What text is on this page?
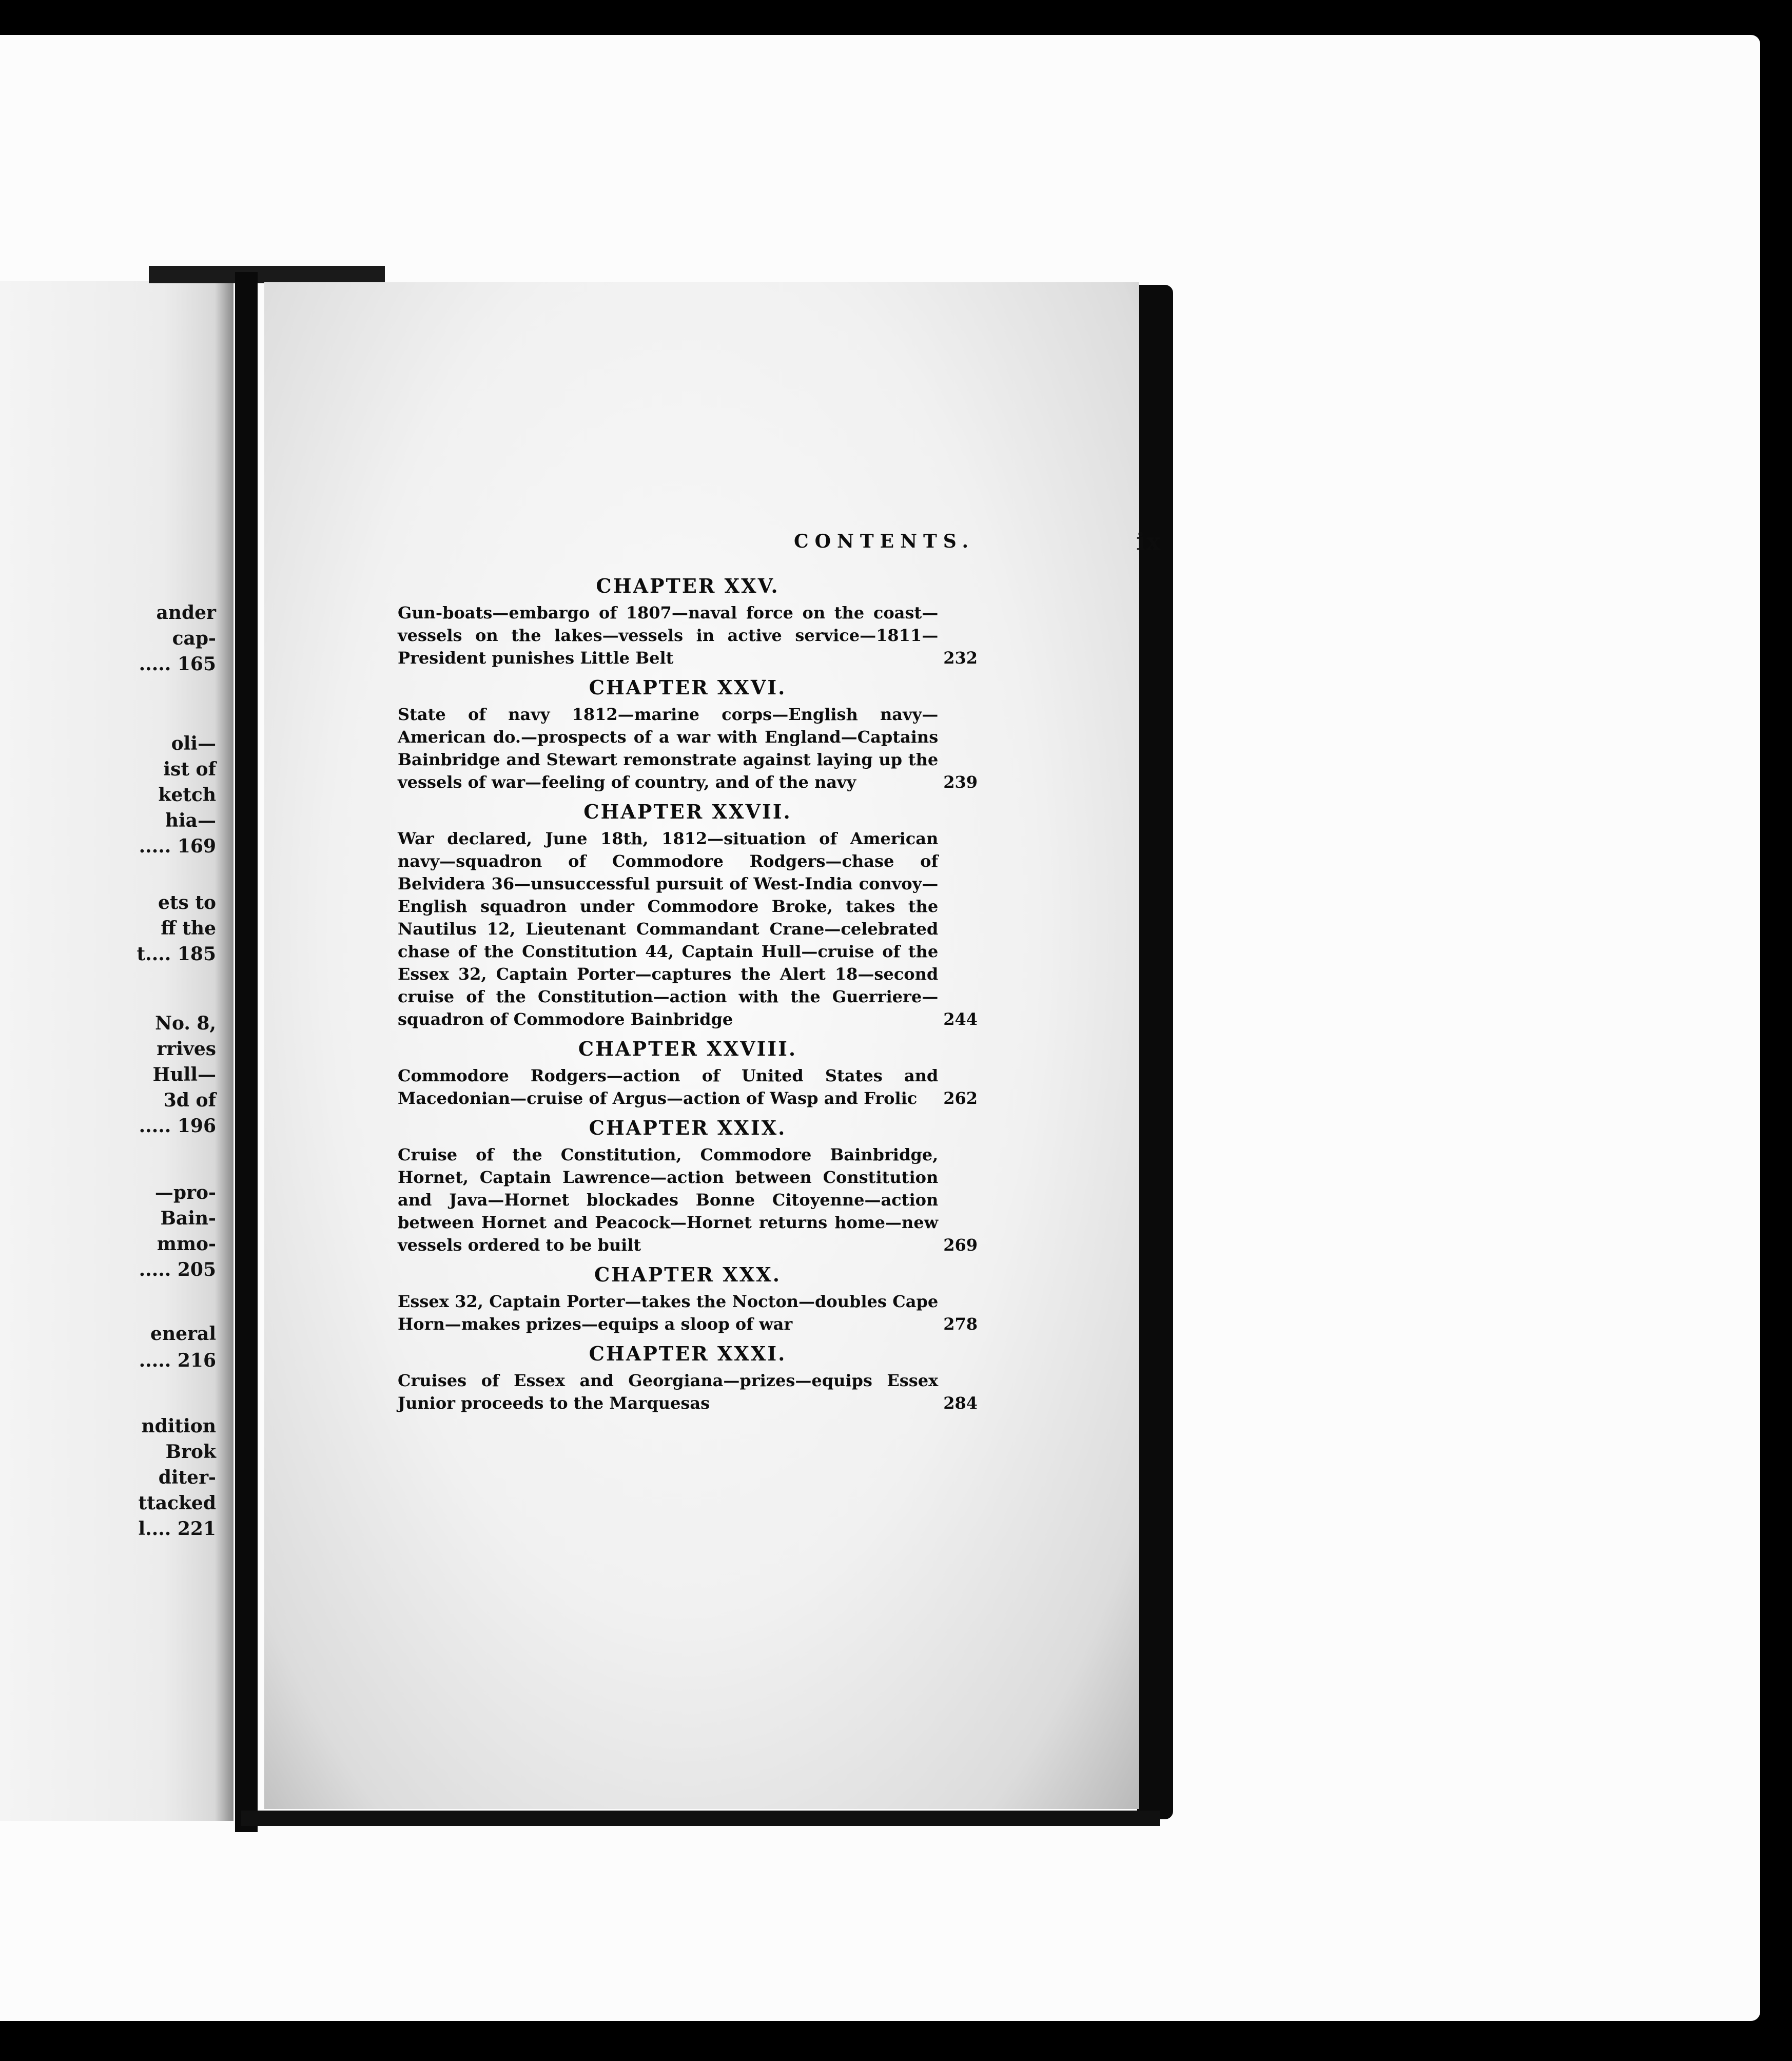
ander
cap-
..... 165
oli—
ist of
ketch
hia—
..... 169
ets to
ff the
t.... 185
No. 8,
rrives
Hull—
3d of
..... 196
—pro-
Bain-
mmo-
..... 205
eneral
..... 216
ndition
Brok
diter-
ttacked
l.... 221
CONTENTS.	ix
CHAPTER XXV.
Gun-boats—embargo of 1807—naval force on the coast—vessels on the lakes—vessels in active service—1811—President punishes Little Belt	232
CHAPTER XXVI.
State of navy 1812—marine corps—English navy—American do.—prospects of a war with England—Captains Bainbridge and Stewart remonstrate against laying up the vessels of war—feeling of country, and of the navy	239
CHAPTER XXVII.
War declared, June 18th, 1812—situation of American navy—squadron of Commodore Rodgers—chase of Belvidera 36—unsuccessful pursuit of West-India convoy—English squadron under Commodore Broke, takes the Nautilus 12, Lieutenant Commandant Crane—celebrated chase of the Constitution 44, Captain Hull—cruise of the Essex 32, Captain Porter—captures the Alert 18—second cruise of the Constitution—action with the Guerriere—squadron of Commodore Bainbridge	244
CHAPTER XXVIII.
Commodore Rodgers—action of United States and Macedonian—cruise of Argus—action of Wasp and Frolic	262
CHAPTER XXIX.
Cruise of the Constitution, Commodore Bainbridge, Hornet, Captain Lawrence—action between Constitution and Java—Hornet blockades Bonne Citoyenne—action between Hornet and Peacock—Hornet returns home—new vessels ordered to be built	269
CHAPTER XXX.
Essex 32, Captain Porter—takes the Nocton—doubles Cape Horn—makes prizes—equips a sloop of war	278
CHAPTER XXXI.
Cruises of Essex and Georgiana—prizes—equips Essex Junior proceeds to the Marquesas	284
